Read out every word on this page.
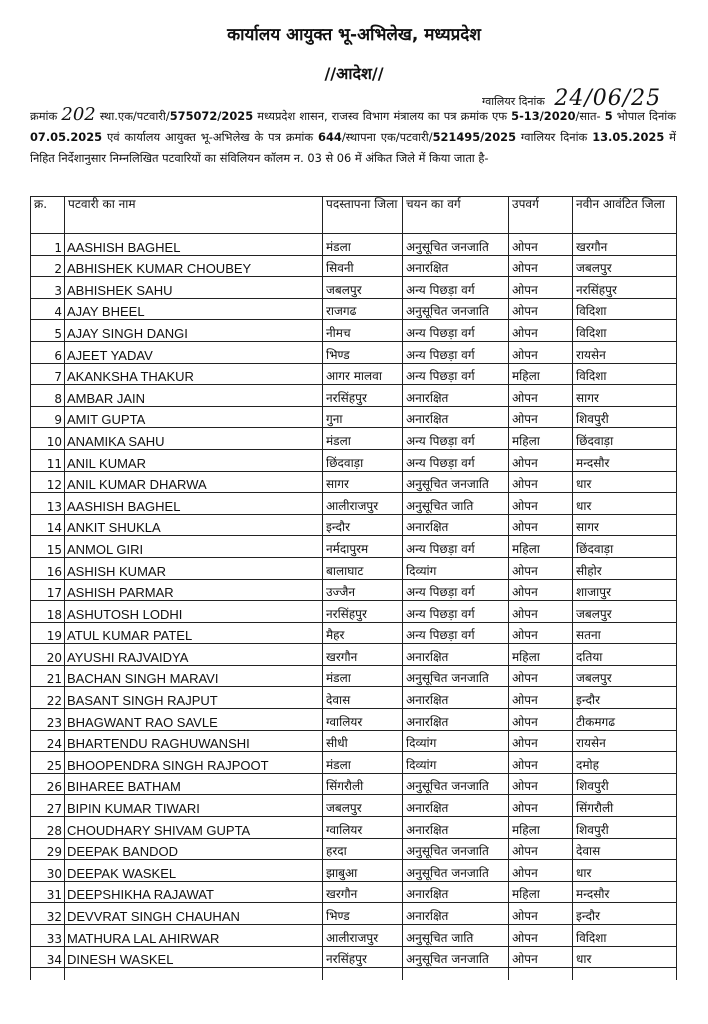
कार्यालय आयुक्त भू-अभिलेख, मध्यप्रदेश
//आदेश//
ग्वालियर दिनांक 24/06/25
क्रमांक 202 स्था.एक/पटवारी/575072/2025 मध्यप्रदेश शासन, राजस्व विभाग मंत्रालय का पत्र क्रमांक एफ 5-13/2020/सात- 5 भोपाल दिनांक 07.05.2025 एवं कार्यालय आयुक्त भू-अभिलेख के पत्र क्रमांक 644/स्थापना एक/पटवारी/521495/2025 ग्वालियर दिनांक 13.05.2025 में निहित निर्देशानुसार निम्नलिखित पटवारियों का संविलियन कॉलम न. 03 से 06 में अंकित जिले में किया जाता है-
क्र.	पटवारी का नाम	पदस्तापना जिला	चयन का वर्ग	उपवर्ग	नवीन आवंटित जिला
1	AASHISH BAGHEL	मंडला	अनुसूचित जनजाति	ओपन	खरगौन
2	ABHISHEK KUMAR CHOUBEY	सिवनी	अनारक्षित	ओपन	जबलपुर
3	ABHISHEK SAHU	जबलपुर	अन्य पिछड़ा वर्ग	ओपन	नरसिंहपुर
4	AJAY BHEEL	राजगढ	अनुसूचित जनजाति	ओपन	विदिशा
5	AJAY SINGH DANGI	नीमच	अन्य पिछड़ा वर्ग	ओपन	विदिशा
6	AJEET YADAV	भिण्ड	अन्य पिछड़ा वर्ग	ओपन	रायसेन
7	AKANKSHA THAKUR	आगर मालवा	अन्य पिछड़ा वर्ग	महिला	विदिशा
8	AMBAR JAIN	नरसिंहपुर	अनारक्षित	ओपन	सागर
9	AMIT GUPTA	गुना	अनारक्षित	ओपन	शिवपुरी
10	ANAMIKA SAHU	मंडला	अन्य पिछड़ा वर्ग	महिला	छिंदवाड़ा
11	ANIL KUMAR	छिंदवाड़ा	अन्य पिछड़ा वर्ग	ओपन	मन्दसौर
12	ANIL KUMAR DHARWA	सागर	अनुसूचित जनजाति	ओपन	धार
13	AASHISH BAGHEL	आलीराजपुर	अनुसूचित जाति	ओपन	धार
14	ANKIT SHUKLA	इन्दौर	अनारक्षित	ओपन	सागर
15	ANMOL GIRI	नर्मदापुरम	अन्य पिछड़ा वर्ग	महिला	छिंदवाड़ा
16	ASHISH KUMAR	बालाघाट	दिव्यांग	ओपन	सीहोर
17	ASHISH PARMAR	उज्जैन	अन्य पिछड़ा वर्ग	ओपन	शाजापुर
18	ASHUTOSH LODHI	नरसिंहपुर	अन्य पिछड़ा वर्ग	ओपन	जबलपुर
19	ATUL KUMAR PATEL	मैहर	अन्य पिछड़ा वर्ग	ओपन	सतना
20	AYUSHI RAJVAIDYA	खरगौन	अनारक्षित	महिला	दतिया
21	BACHAN SINGH MARAVI	मंडला	अनुसूचित जनजाति	ओपन	जबलपुर
22	BASANT SINGH RAJPUT	देवास	अनारक्षित	ओपन	इन्दौर
23	BHAGWANT RAO SAVLE	ग्वालियर	अनारक्षित	ओपन	टीकमगढ
24	BHARTENDU RAGHUWANSHI	सीधी	दिव्यांग	ओपन	रायसेन
25	BHOOPENDRA SINGH RAJPOOT	मंडला	दिव्यांग	ओपन	दमोह
26	BIHAREE BATHAM	सिंगरौली	अनुसूचित जनजाति	ओपन	शिवपुरी
27	BIPIN KUMAR TIWARI	जबलपुर	अनारक्षित	ओपन	सिंगरौली
28	CHOUDHARY SHIVAM GUPTA	ग्वालियर	अनारक्षित	महिला	शिवपुरी
29	DEEPAK BANDOD	हरदा	अनुसूचित जनजाति	ओपन	देवास
30	DEEPAK WASKEL	झाबुआ	अनुसूचित जनजाति	ओपन	धार
31	DEEPSHIKHA RAJAWAT	खरगौन	अनारक्षित	महिला	मन्दसौर
32	DEVVRAT SINGH CHAUHAN	भिण्ड	अनारक्षित	ओपन	इन्दौर
33	MATHURA LAL AHIRWAR	आलीराजपुर	अनुसूचित जाति	ओपन	विदिशा
34	DINESH WASKEL	नरसिंहपुर	अनुसूचित जनजाति	ओपन	धार
